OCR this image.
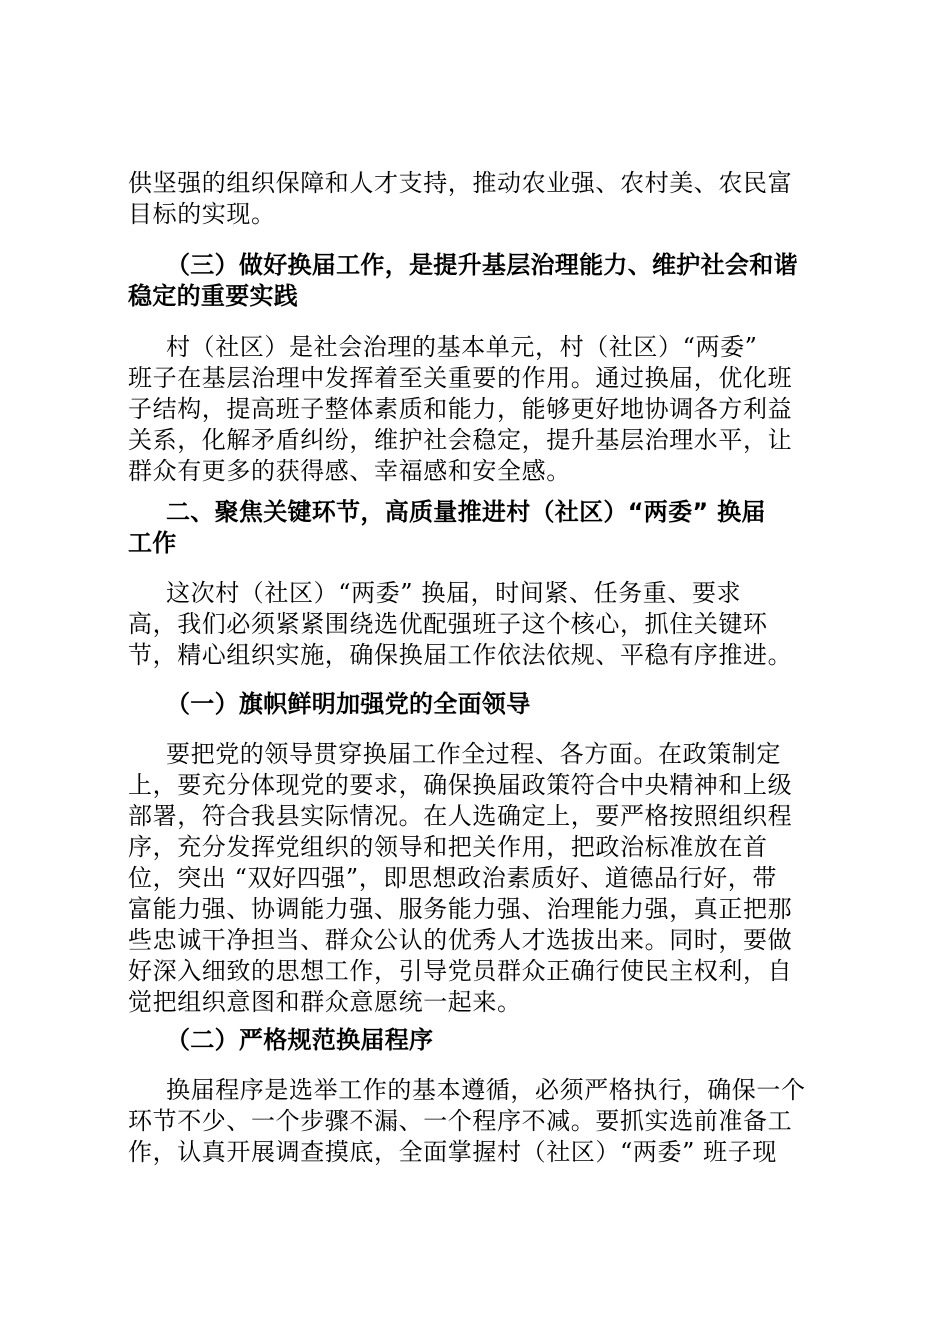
供坚强的组织保障和人才支持，推动农业强、农村美、农民富
目标的实现。
（三）做好换届工作，是提升基层治理能力、维护社会和谐
稳定的重要实践
村（社区）是社会治理的基本单元，村（社区）“两委”
班子在基层治理中发挥着至关重要的作用。通过换届，优化班
子结构，提高班子整体素质和能力，能够更好地协调各方利益
关系，化解矛盾纠纷，维护社会稳定，提升基层治理水平，让
群众有更多的获得感、幸福感和安全感。
二、聚焦关键环节，高质量推进村（社区）“两委” 换届
工作
这次村（社区）“两委” 换届，时间紧、任务重、要求
高，我们必须紧紧围绕选优配强班子这个核心，抓住关键环
节，精心组织实施，确保换届工作依法依规、平稳有序推进。
（一）旗帜鲜明加强党的全面领导
要把党的领导贯穿换届工作全过程、各方面。在政策制定
上，要充分体现党的要求，确保换届政策符合中央精神和上级
部署，符合我县实际情况。在人选确定上，要严格按照组织程
序，充分发挥党组织的领导和把关作用，把政治标准放在首
位，突出 “双好四强”，即思想政治素质好、道德品行好，带
富能力强、协调能力强、服务能力强、治理能力强，真正把那
些忠诚干净担当、群众公认的优秀人才选拔出来。同时，要做
好深入细致的思想工作，引导党员群众正确行使民主权利，自
觉把组织意图和群众意愿统一起来。
（二）严格规范换届程序
换届程序是选举工作的基本遵循，必须严格执行，确保一个
环节不少、一个步骤不漏、一个程序不减。要抓实选前准备工
作，认真开展调查摸底，全面掌握村（社区）“两委” 班子现
